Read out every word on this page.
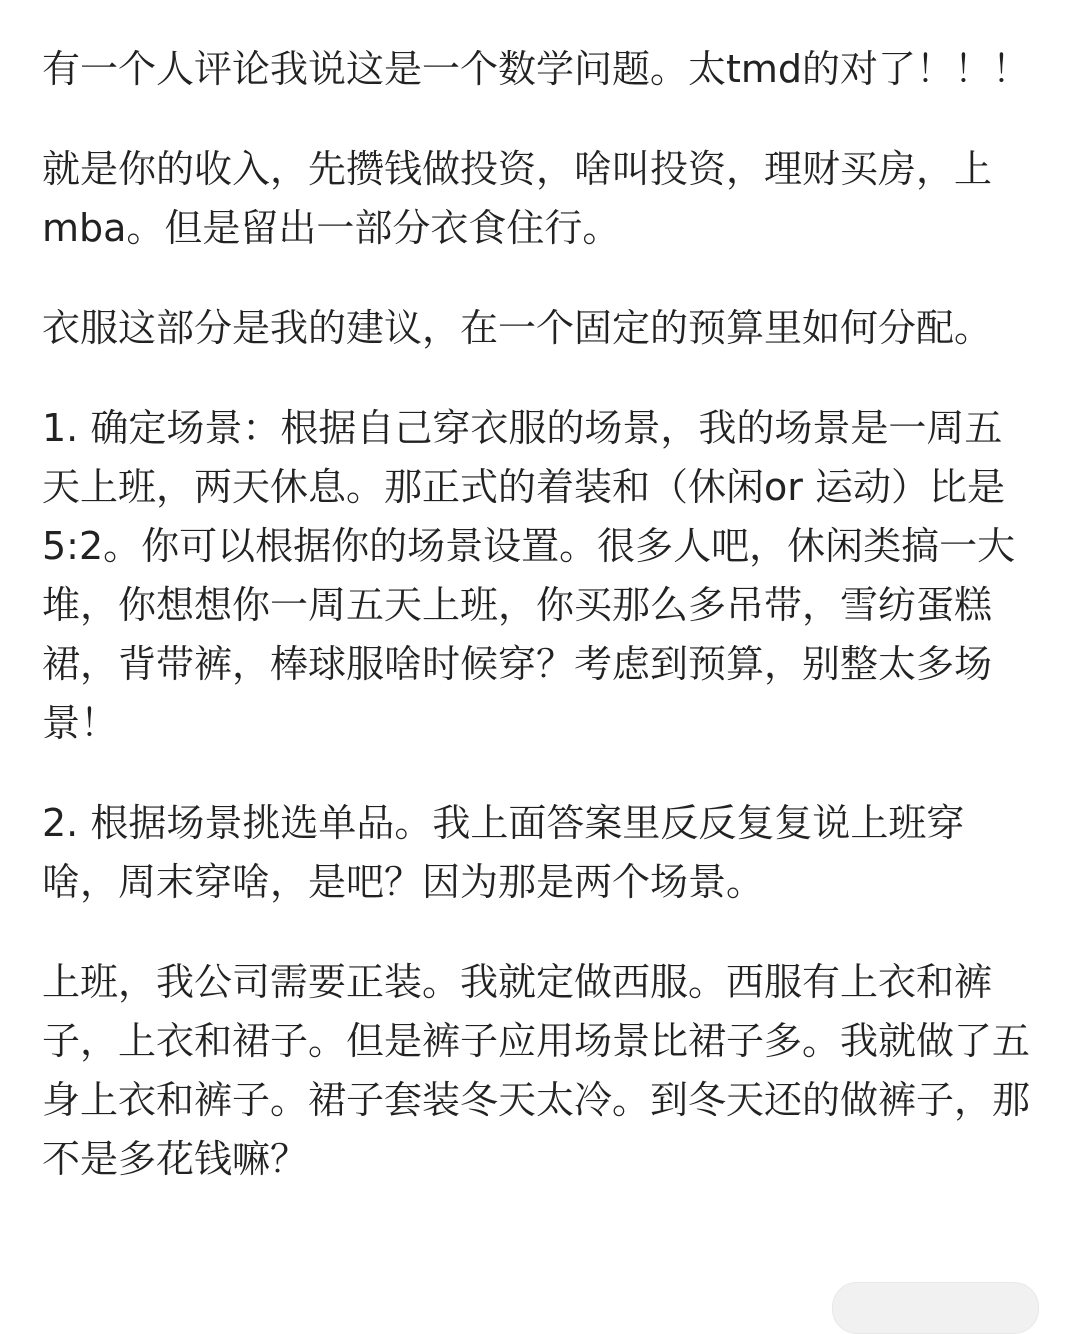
有一个人评论我说这是一个数学问题。太tmd的对了！！！

就是你的收入，先攒钱做投资，啥叫投资，理财买房，上mba。但是留出一部分衣食住行。

衣服这部分是我的建议，在一个固定的预算里如何分配。

1. 确定场景：根据自己穿衣服的场景，我的场景是一周五天上班，两天休息。那正式的着装和（休闲or 运动）比是5:2。你可以根据你的场景设置。很多人吧，休闲类搞一大堆，你想想你一周五天上班，你买那么多吊带，雪纺蛋糕裙，背带裤，棒球服啥时候穿？考虑到预算，别整太多场景！

2. 根据场景挑选单品。我上面答案里反反复复说上班穿啥，周末穿啥，是吧？因为那是两个场景。

上班，我公司需要正装。我就定做西服。西服有上衣和裤子，上衣和裙子。但是裤子应用场景比裙子多。我就做了五身上衣和裤子。裙子套装冬天太冷。到冬天还的做裤子，那不是多花钱嘛？
